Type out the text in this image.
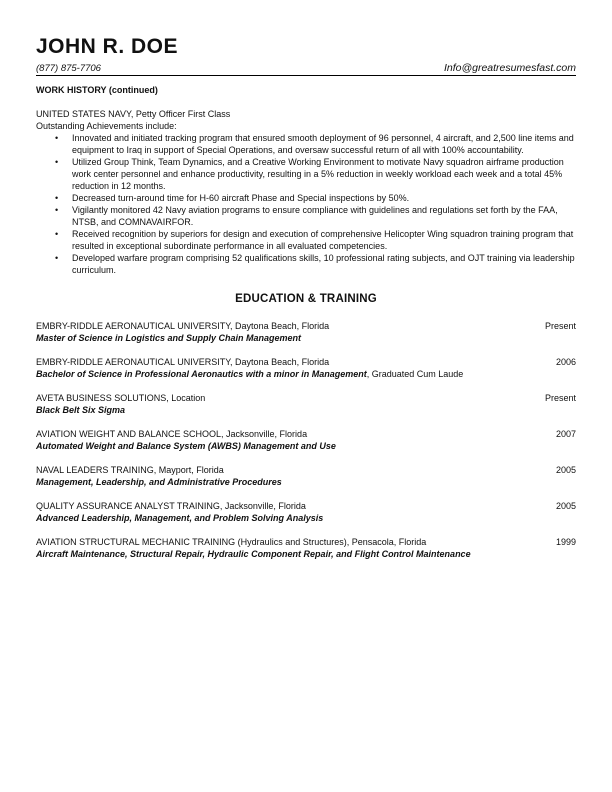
JOHN R. DOE
(877) 875-7706	Info@greatresumesfast.com
WORK HISTORY (continued)
UNITED STATES NAVY, Petty Officer First Class
Outstanding Achievements include:
• Innovated and initiated tracking program that ensured smooth deployment of 96 personnel, 4 aircraft, and 2,500 line items and equipment to Iraq in support of Special Operations, and oversaw successful return of all with 100% accountability.
• Utilized Group Think, Team Dynamics, and a Creative Working Environment to motivate Navy squadron airframe production work center personnel and enhance productivity, resulting in a 5% reduction in weekly workload each week and a total 45% reduction in 12 months.
• Decreased turn-around time for H-60 aircraft Phase and Special inspections by 50%.
• Vigilantly monitored 42 Navy aviation programs to ensure compliance with guidelines and regulations set forth by the FAA, NTSB, and COMNAVAIRFOR.
• Received recognition by superiors for design and execution of comprehensive Helicopter Wing squadron training program that resulted in exceptional subordinate performance in all evaluated competencies.
• Developed warfare program comprising 52 qualifications skills, 10 professional rating subjects, and OJT training via leadership curriculum.
EDUCATION & TRAINING
EMBRY-RIDDLE AERONAUTICAL UNIVERSITY, Daytona Beach, Florida	Present
Master of Science in Logistics and Supply Chain Management
EMBRY-RIDDLE AERONAUTICAL UNIVERSITY, Daytona Beach, Florida	2006
Bachelor of Science in Professional Aeronautics with a minor in Management, Graduated Cum Laude
AVETA BUSINESS SOLUTIONS, Location	Present
Black Belt Six Sigma
AVIATION WEIGHT AND BALANCE SCHOOL, Jacksonville, Florida	2007
Automated Weight and Balance System (AWBS) Management and Use
NAVAL LEADERS TRAINING, Mayport, Florida	2005
Management, Leadership, and Administrative Procedures
QUALITY ASSURANCE ANALYST TRAINING, Jacksonville, Florida	2005
Advanced Leadership, Management, and Problem Solving Analysis
AVIATION STRUCTURAL MECHANIC TRAINING (Hydraulics and Structures), Pensacola, Florida	1999
Aircraft Maintenance, Structural Repair, Hydraulic Component Repair, and Flight Control Maintenance
